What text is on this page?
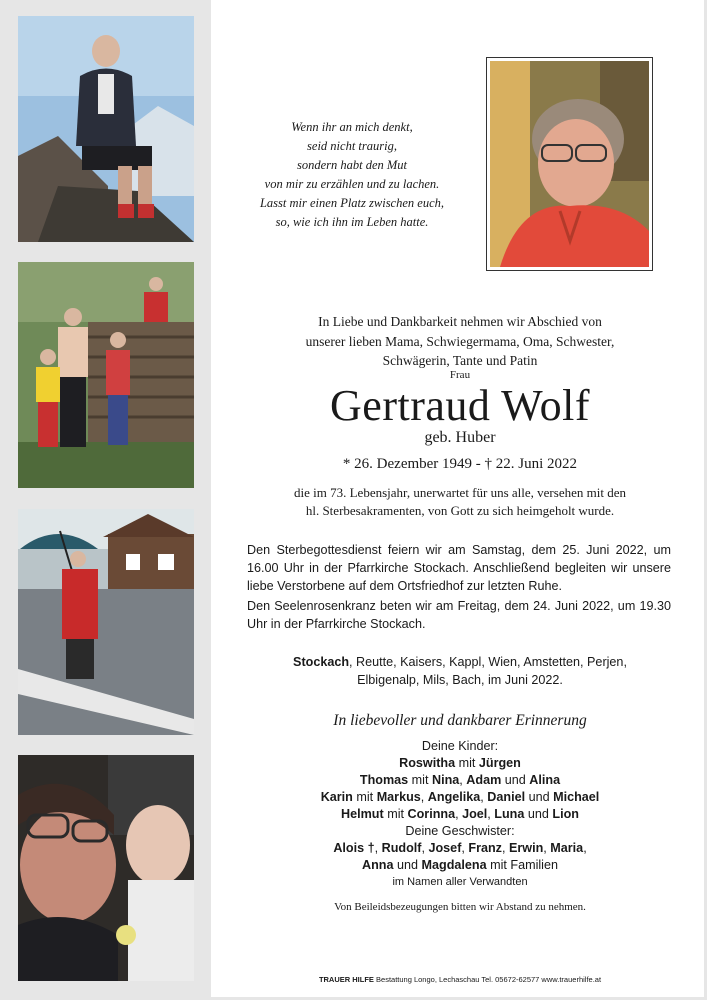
Wenn ihr an mich denkt,
seid nicht traurig,
sondern habt den Mut
von mir zu erzählen und zu lachen.
Lasst mir einen Platz zwischen euch,
so, wie ich ihn im Leben hatte.
In Liebe und Dankbarkeit nehmen wir Abschied von
unserer lieben Mama, Schwiegermama, Oma, Schwester,
Schwägerin, Tante und Patin
Frau
Gertraud Wolf
geb. Huber
* 26. Dezember 1949 - † 22. Juni 2022
die im 73. Lebensjahr, unerwartet für uns alle, versehen mit den
hl. Sterbesakramenten, von Gott zu sich heimgeholt wurde.
Den Sterbegottesdienst feiern wir am Samstag, dem 25. Juni 2022, um 16.00 Uhr in der Pfarrkirche Stockach. Anschließend begleiten wir unsere liebe Verstorbene auf dem Ortsfriedhof zur letzten Ruhe.
Den Seelenrosenkranz beten wir am Freitag, dem 24. Juni 2022, um 19.30 Uhr in der Pfarrkirche Stockach.
Stockach, Reutte, Kaisers, Kappl, Wien, Amstetten, Perjen,
Elbigenalp, Mils, Bach, im Juni 2022.
In liebevoller und dankbarer Erinnerung
Deine Kinder:
Roswitha mit Jürgen
Thomas mit Nina, Adam und Alina
Karin mit Markus, Angelika, Daniel und Michael
Helmut mit Corinna, Joel, Luna und Lion
Deine Geschwister:
Alois †, Rudolf, Josef, Franz, Erwin, Maria,
Anna und Magdalena mit Familien
im Namen aller Verwandten
Von Beileidsbezeugungen bitten wir Abstand zu nehmen.
TRAUER HILFE Bestattung Longo, Lechaschau Tel. 05672-62577 www.trauerhilfe.at
